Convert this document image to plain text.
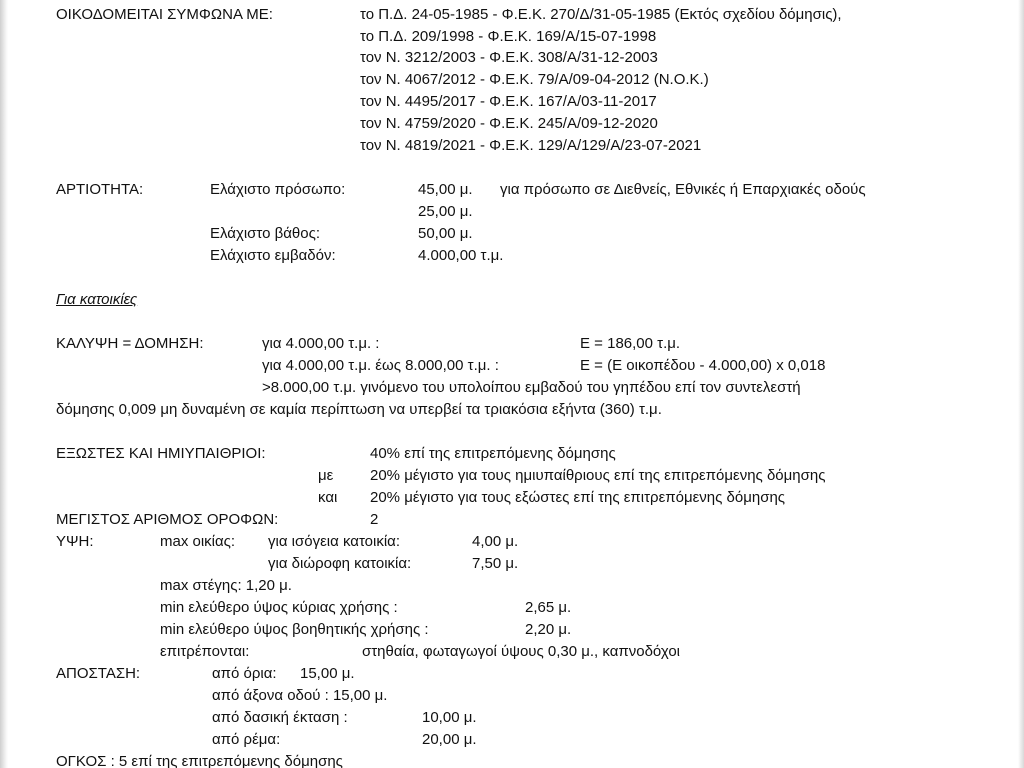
ΟΙΚΟΔΟΜΕΙΤΑΙ ΣΥΜΦΩΝΑ ΜΕ:	το Π.Δ. 24-05-1985 - Φ.Ε.Κ. 270/Δ/31-05-1985 (Εκτός σχεδίου δόμησις),
το Π.Δ. 209/1998 - Φ.Ε.Κ. 169/Α/15-07-1998
τον Ν. 3212/2003 - Φ.Ε.Κ. 308/Α/31-12-2003
τον Ν. 4067/2012 - Φ.Ε.Κ. 79/Α/09-04-2012 (Ν.Ο.Κ.)
τον Ν. 4495/2017 - Φ.Ε.Κ. 167/Α/03-11-2017
τον Ν. 4759/2020 - Φ.Ε.Κ. 245/Α/09-12-2020
τον Ν. 4819/2021 - Φ.Ε.Κ. 129/Α/129/Α/23-07-2021
ΑΡΤΙΟΤΗΤΑ:	Ελάχιστο πρόσωπο:	45,00 μ. για πρόσωπο σε Διεθνείς, Εθνικές ή Επαρχιακές οδούς
25,00 μ.
Ελάχιστο βάθος:	50,00 μ.
Ελάχιστο εμβαδόν:	4.000,00 τ.μ.
Για κατοικίες
ΚΑΛΥΨΗ = ΔΟΜΗΣΗ:	για 4.000,00 τ.μ. :	Ε = 186,00 τ.μ.
για 4.000,00 τ.μ. έως 8.000,00 τ.μ. :	Ε = (Ε οικοπέδου - 4.000,00) x 0,018
>8.000,00 τ.μ. γινόμενο του υπολοίπου εμβαδού του γηπέδου επί τον συντελεστή
δόμησης 0,009 μη δυναμένη σε καμία περίπτωση να υπερβεί τα τριακόσια εξήντα (360) τ.μ.
ΕΞΩΣΤΕΣ ΚΑΙ ΗΜΙΥΠΑΙΘΡΙΟΙ:	40% επί της επιτρεπόμενης δόμησης
με 20% μέγιστο για τους ημιυπαίθριους επί της επιτρεπόμενης δόμησης
και 20% μέγιστο για τους εξώστες επί της επιτρεπόμενης δόμησης
ΜΕΓΙΣΤΟΣ ΑΡΙΘΜΟΣ ΟΡΟΦΩΝ:	2
ΥΨΗ:	max οικίας: για ισόγεια κατοικία:	4,00 μ.
για διώροφη κατοικία:	7,50 μ.
max στέγης: 1,20 μ.
min ελεύθερο ύψος κύριας χρήσης :	2,65 μ.
min ελεύθερο ύψος βοηθητικής χρήσης :	2,20 μ.
επιτρέπονται:	στηθαία, φωταγωγοί ύψους 0,30 μ., καπνοδόχοι
ΑΠΟΣΤΑΣΗ:	από όρια: 15,00 μ.
από άξονα οδού : 15,00 μ.
από δασική έκταση :	10,00 μ.
από ρέμα:	20,00 μ.
ΟΓΚΟΣ : 5 επί της επιτρεπόμενης δόμησης
